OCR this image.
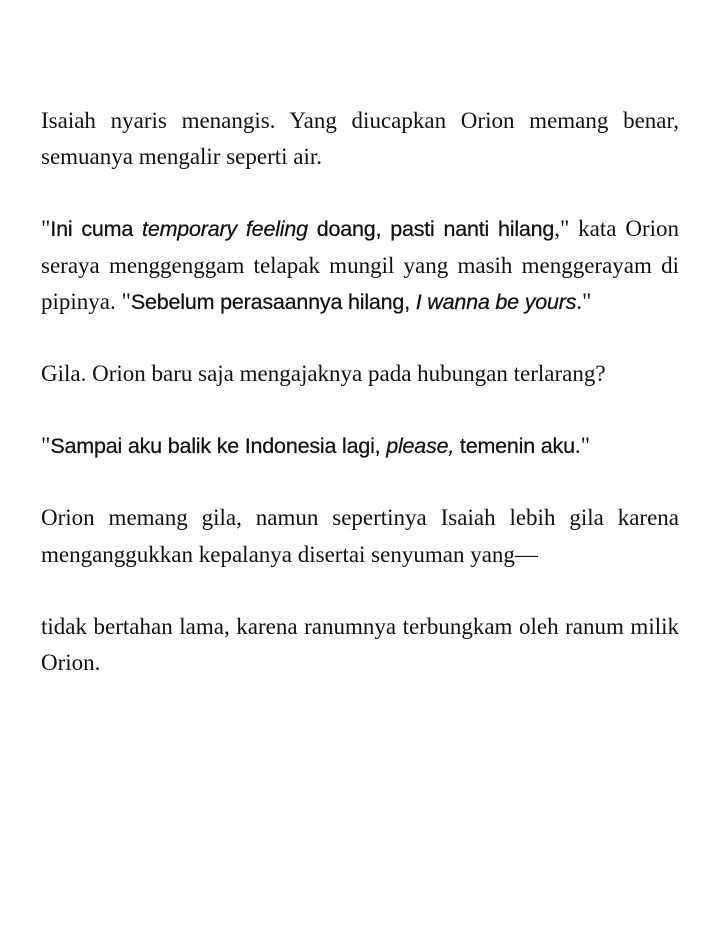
Isaiah nyaris menangis. Yang diucapkan Orion memang benar, semuanya mengalir seperti air.

"Ini cuma temporary feeling doang, pasti nanti hilang," kata Orion seraya menggenggam telapak mungil yang masih menggerayam di pipinya. "Sebelum perasaannya hilang, I wanna be yours."

Gila. Orion baru saja mengajaknya pada hubungan terlarang?

"Sampai aku balik ke Indonesia lagi, please, temenin aku."

Orion memang gila, namun sepertinya Isaiah lebih gila karena menganggukkan kepalanya disertai senyuman yang—

tidak bertahan lama, karena ranumnya terbungkam oleh ranum milik Orion.
